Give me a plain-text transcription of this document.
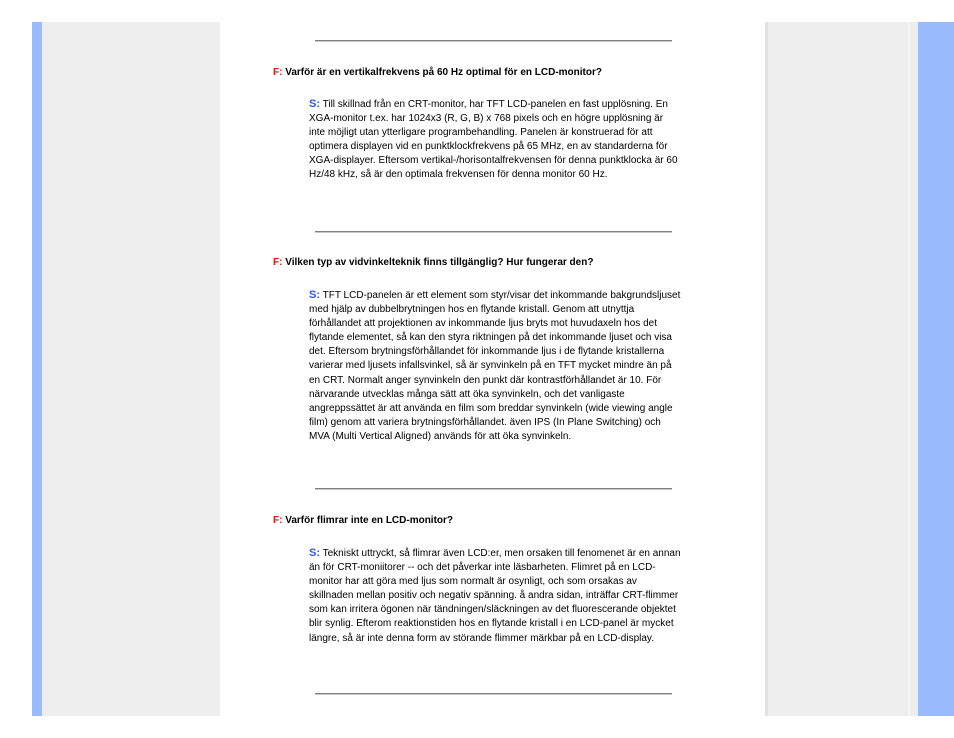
F: Varför är en vertikalfrekvens på 60 Hz optimal för en LCD-monitor?
S: Till skillnad från en CRT-monitor, har TFT LCD-panelen en fast upplösning. En XGA-monitor t.ex. har 1024x3 (R, G, B) x 768 pixels och en högre upplösning är inte möjligt utan ytterligare programbehandling. Panelen är konstruerad för att optimera displayen vid en punktklockfrekvens på 65 MHz, en av standarderna för XGA-displayer. Eftersom vertikal-/horisontalfrekvensen för denna punktklocka är 60 Hz/48 kHz, så är den optimala frekvensen för denna monitor 60 Hz.
F: Vilken typ av vidvinkelteknik finns tillgänglig? Hur fungerar den?
S: TFT LCD-panelen är ett element som styr/visar det inkommande bakgrundsljuset med hjälp av dubbelbrytningen hos en flytande kristall. Genom att utnyttja förhållandet att projektionen av inkommande ljus bryts mot huvudaxeln hos det flytande elementet, så kan den styra riktningen på det inkommande ljuset och visa det. Eftersom brytningsförhållandet för inkommande ljus i de flytande kristallerna varierar med ljusets infallsvinkel, så är synvinkeln på en TFT mycket mindre än på en CRT. Normalt anger synvinkeln den punkt där kontrastförhållandet är 10. För närvarande utvecklas många sätt att öka synvinkeln, och det vanligaste angreppssättet är att använda en film som breddar synvinkeln (wide viewing angle film) genom att variera brytningsförhållandet. även IPS (In Plane Switching) och MVA (Multi Vertical Aligned) används för att öka synvinkeln.
F: Varför flimrar inte en LCD-monitor?
S: Tekniskt uttryckt, så flimrar även LCD:er, men orsaken till fenomenet är en annan än för CRT-moniitorer -- och det påverkar inte läsbarheten. Flimret på en LCD-monitor har att göra med ljus som normalt är osynligt, och som orsakas av skillnaden mellan positiv och negativ spänning. å andra sidan, inträffar CRT-flimmer som kan irritera ögonen när tändningen/släckningen av det fluorescerande objektet blir synlig. Efterom reaktionstiden hos en flytande kristall i en LCD-panel är mycket längre, så är inte denna form av störande flimmer märkbar på en LCD-display.
